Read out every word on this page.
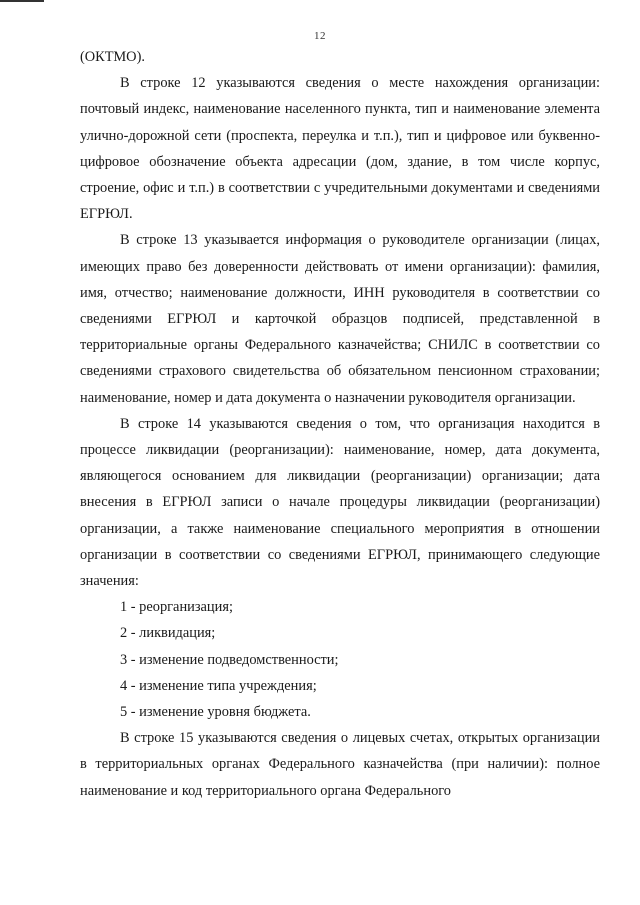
12

(ОКТМО).

В строке 12 указываются сведения о месте нахождения организации: почтовый индекс, наименование населенного пункта, тип и наименование элемента улично-дорожной сети (проспекта, переулка и т.п.), тип и цифровое или буквенно-цифровое обозначение объекта адресации (дом, здание, в том числе корпус, строение, офис и т.п.) в соответствии с учредительными документами и сведениями ЕГРЮЛ.

В строке 13 указывается информация о руководителе организации (лицах, имеющих право без доверенности действовать от имени организации): фамилия, имя, отчество; наименование должности, ИНН руководителя в соответствии со сведениями ЕГРЮЛ и карточкой образцов подписей, представленной в территориальные органы Федерального казначейства; СНИЛС в соответствии со сведениями страхового свидетельства об обязательном пенсионном страховании; наименование, номер и дата документа о назначении руководителя организации.

В строке 14 указываются сведения о том, что организация находится в процессе ликвидации (реорганизации): наименование, номер, дата документа, являющегося основанием для ликвидации (реорганизации) организации; дата внесения в ЕГРЮЛ записи о начале процедуры ликвидации (реорганизации) организации, а также наименование специального мероприятия в отношении организации в соответствии со сведениями ЕГРЮЛ, принимающего следующие значения:

1 - реорганизация;

2 - ликвидация;

3 - изменение подведомственности;

4 - изменение типа учреждения;

5 - изменение уровня бюджета.

В строке 15 указываются сведения о лицевых счетах, открытых организации в территориальных органах Федерального казначейства (при наличии): полное наименование и код территориального органа Федерального
